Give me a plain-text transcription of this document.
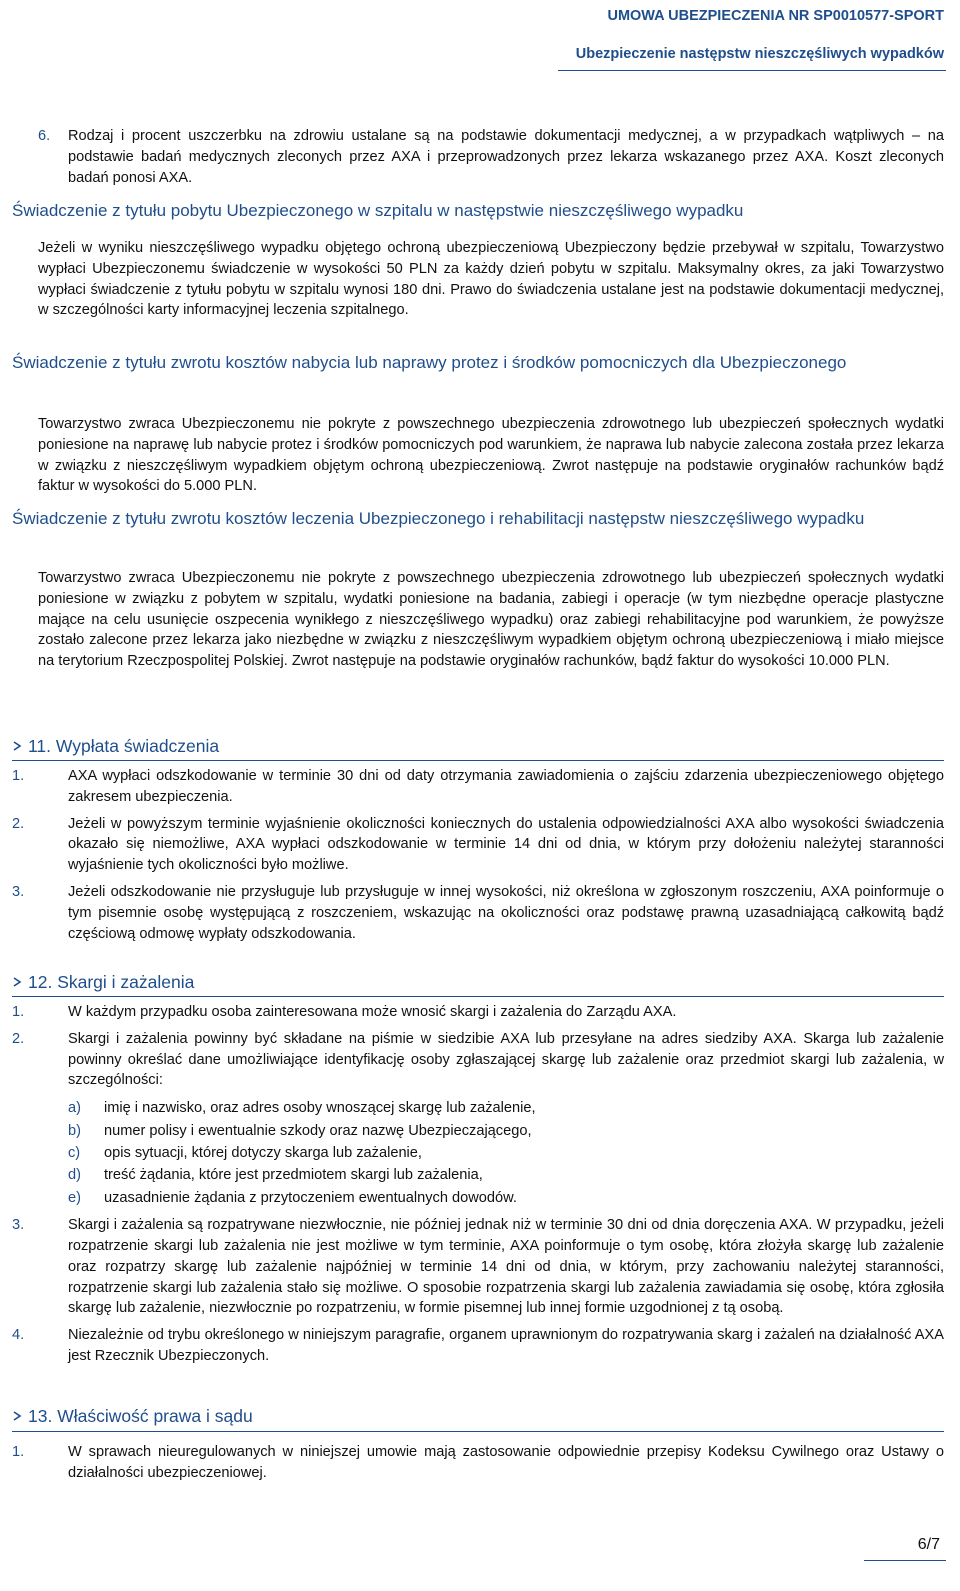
UMOWA UBEZPIECZENIA NR SP0010577-SPORT
Ubezpieczenie następstw nieszczęśliwych wypadków
6. Rodzaj i procent uszczerbku na zdrowiu ustalane są na podstawie dokumentacji medycznej, a w przypadkach wątpliwych – na podstawie badań medycznych zleconych przez AXA i przeprowadzonych przez lekarza wskazanego przez AXA. Koszt zleconych badań ponosi AXA.
Świadczenie z tytułu pobytu Ubezpieczonego w szpitalu w następstwie nieszczęśliwego wypadku
Jeżeli w wyniku nieszczęśliwego wypadku objętego ochroną ubezpieczeniową Ubezpieczony będzie przebywał w szpitalu, Towarzystwo wypłaci Ubezpieczonemu świadczenie w wysokości 50 PLN za każdy dzień pobytu w szpitalu. Maksymalny okres, za jaki Towarzystwo wypłaci świadczenie z tytułu pobytu w szpitalu wynosi 180 dni. Prawo do świadczenia ustalane jest na podstawie dokumentacji medycznej, w szczególności karty informacyjnej leczenia szpitalnego.
Świadczenie z tytułu zwrotu kosztów nabycia lub naprawy protez i środków pomocniczych dla Ubezpieczonego
Towarzystwo zwraca Ubezpieczonemu nie pokryte z powszechnego ubezpieczenia zdrowotnego lub ubezpieczeń społecznych wydatki poniesione na naprawę lub nabycie protez i środków pomocniczych pod warunkiem, że naprawa lub nabycie zalecona została przez lekarza w związku z nieszczęśliwym wypadkiem objętym ochroną ubezpieczeniową. Zwrot następuje na podstawie oryginałów rachunków bądź faktur w wysokości do 5.000 PLN.
Świadczenie z tytułu zwrotu kosztów leczenia Ubezpieczonego i rehabilitacji następstw nieszczęśliwego wypadku
Towarzystwo zwraca Ubezpieczonemu nie pokryte z powszechnego ubezpieczenia zdrowotnego lub ubezpieczeń społecznych wydatki poniesione w związku z pobytem w szpitalu, wydatki poniesione na badania, zabiegi i operacje (w tym niezbędne operacje plastyczne mające na celu usunięcie oszpecenia wynikłego z nieszczęśliwego wypadku) oraz zabiegi rehabilitacyjne pod warunkiem, że powyższe zostało zalecone przez lekarza jako niezbędne w związku z nieszczęśliwym wypadkiem objętym ochroną ubezpieczeniową i miało miejsce na terytorium Rzeczpospolitej Polskiej. Zwrot następuje na podstawie oryginałów rachunków, bądź faktur do wysokości 10.000 PLN.
11. Wypłata świadczenia
1.	AXA wypłaci odszkodowanie w terminie 30 dni od daty otrzymania zawiadomienia o zajściu zdarzenia ubezpieczeniowego objętego zakresem ubezpieczenia.
2.	Jeżeli w powyższym terminie wyjaśnienie okoliczności koniecznych do ustalenia odpowiedzialności AXA albo wysokości świadczenia okazało się niemożliwe, AXA wypłaci odszkodowanie w terminie 14 dni od dnia, w którym przy dołożeniu należytej staranności wyjaśnienie tych okoliczności było możliwe.
3.	Jeżeli odszkodowanie nie przysługuje lub przysługuje w innej wysokości, niż określona w zgłoszonym roszczeniu, AXA poinformuje o tym pisemnie osobę występującą z roszczeniem, wskazując na okoliczności oraz podstawę prawną uzasadniającą całkowitą bądź częściową odmowę wypłaty odszkodowania.
12. Skargi i zażalenia
1.	W każdym przypadku osoba zainteresowana może wnosić skargi i zażalenia do Zarządu AXA.
2.	Skargi i zażalenia powinny być składane na piśmie w siedzibie AXA lub przesyłane na adres siedziby AXA. Skarga lub zażalenie powinny określać dane umożliwiające identyfikację osoby zgłaszającej skargę lub zażalenie oraz przedmiot skargi lub zażalenia, w szczególności:
a) imię i nazwisko, oraz adres osoby wnoszącej skargę lub zażalenie,
b) numer polisy i ewentualnie szkody oraz nazwę Ubezpieczającego,
c) opis sytuacji, której dotyczy skarga lub zażalenie,
d) treść żądania, które jest przedmiotem skargi lub zażalenia,
e) uzasadnienie żądania z przytoczeniem ewentualnych dowodów.
3.	Skargi i zażalenia są rozpatrywane niezwłocznie, nie później jednak niż w terminie 30 dni od dnia doręczenia AXA. W przypadku, jeżeli rozpatrzenie skargi lub zażalenia nie jest możliwe w tym terminie, AXA poinformuje o tym osobę, która złożyła skargę lub zażalenie oraz rozpatrzy skargę lub zażalenie najpóźniej w terminie 14 dni od dnia, w którym, przy zachowaniu należytej staranności, rozpatrzenie skargi lub zażalenia stało się możliwe. O sposobie rozpatrzenia skargi lub zażalenia zawiadamia się osobę, która zgłosiła skargę lub zażalenie, niezwłocznie po rozpatrzeniu, w formie pisemnej lub innej formie uzgodnionej z tą osobą.
4.	Niezależnie od trybu określonego w niniejszym paragrafie, organem uprawnionym do rozpatrywania skarg i zażaleń na działalność AXA jest Rzecznik Ubezpieczonych.
13. Właściwość prawa i sądu
1.	W sprawach nieuregulowanych w niniejszej umowie mają zastosowanie odpowiednie przepisy Kodeksu Cywilnego oraz Ustawy o działalności ubezpieczeniowej.
6/7
